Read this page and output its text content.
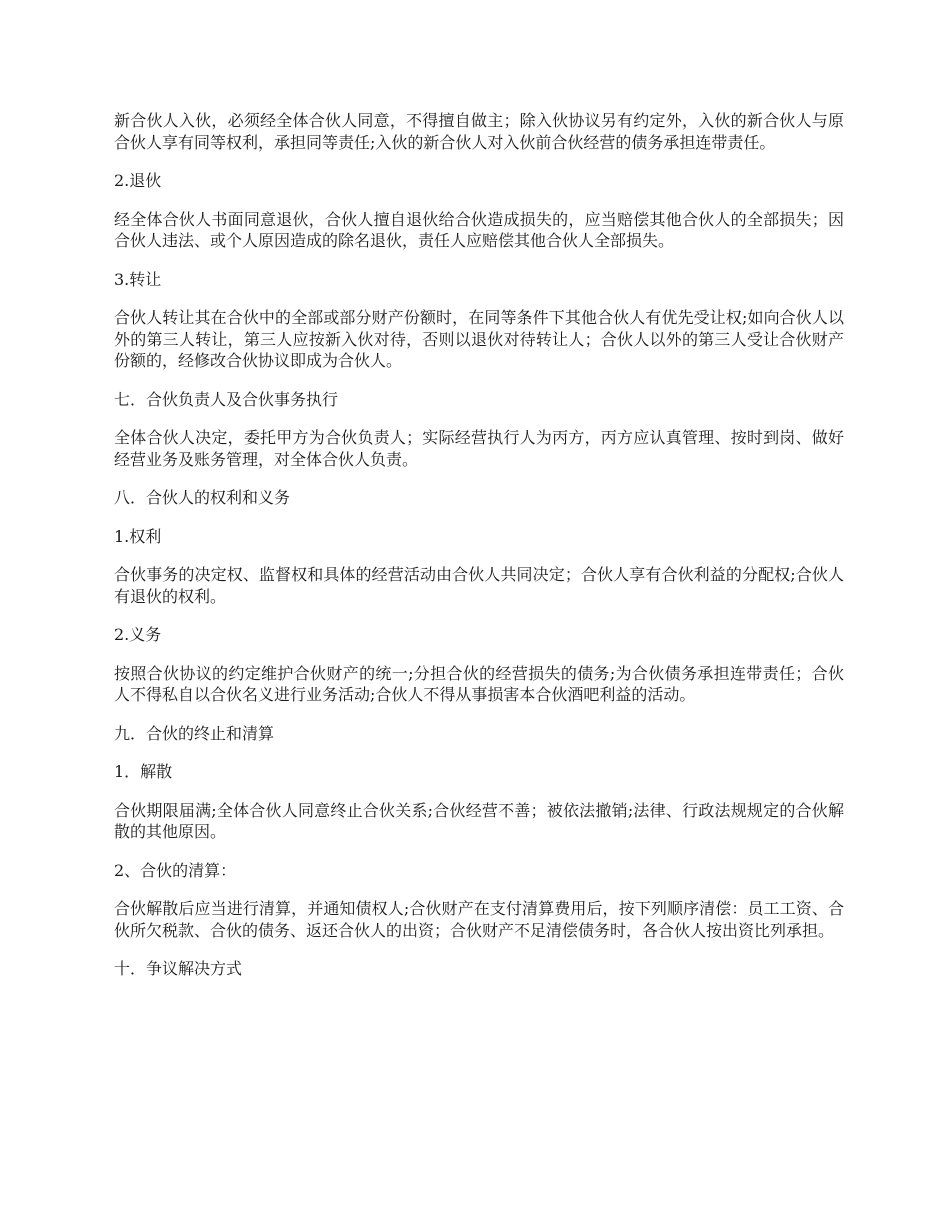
新合伙人入伙，必须经全体合伙人同意，不得擅自做主；除入伙协议另有约定外，入伙的新合伙人与原合伙人享有同等权利，承担同等责任;入伙的新合伙人对入伙前合伙经营的债务承担连带责任。

2.退伙

经全体合伙人书面同意退伙，合伙人擅自退伙给合伙造成损失的，应当赔偿其他合伙人的全部损失；因合伙人违法、或个人原因造成的除名退伙，责任人应赔偿其他合伙人全部损失。

3.转让

合伙人转让其在合伙中的全部或部分财产份额时，在同等条件下其他合伙人有优先受让权;如向合伙人以外的第三人转让，第三人应按新入伙对待，否则以退伙对待转让人；合伙人以外的第三人受让合伙财产份额的，经修改合伙协议即成为合伙人。

七．合伙负责人及合伙事务执行

全体合伙人决定，委托甲方为合伙负责人；实际经营执行人为丙方，丙方应认真管理、按时到岗、做好经营业务及账务管理，对全体合伙人负责。

八．合伙人的权利和义务

1.权利

合伙事务的决定权、监督权和具体的经营活动由合伙人共同决定；合伙人享有合伙利益的分配权;合伙人有退伙的权利。

2.义务

按照合伙协议的约定维护合伙财产的统一;分担合伙的经营损失的债务;为合伙债务承担连带责任；合伙人不得私自以合伙名义进行业务活动;合伙人不得从事损害本合伙酒吧利益的活动。

九．合伙的终止和清算

1．解散

合伙期限届满;全体合伙人同意终止合伙关系;合伙经营不善；被依法撤销;法律、行政法规规定的合伙解散的其他原因。

2、合伙的清算：

合伙解散后应当进行清算，并通知债权人;合伙财产在支付清算费用后，按下列顺序清偿：员工工资、合伙所欠税款、合伙的债务、返还合伙人的出资；合伙财产不足清偿债务时，各合伙人按出资比列承担。

十．争议解决方式
